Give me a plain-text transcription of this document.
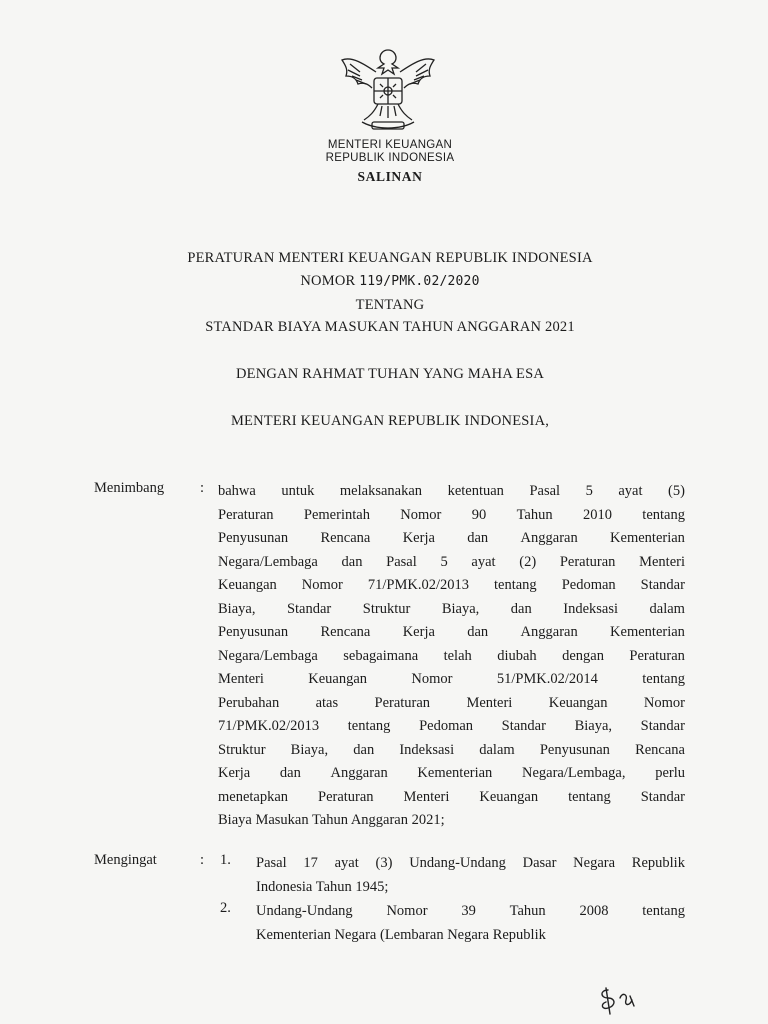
MENTERI KEUANGAN
REPUBLIK INDONESIA
SALINAN
PERATURAN MENTERI KEUANGAN REPUBLIK INDONESIA
NOMOR 119/PMK.02/2020
TENTANG
STANDAR BIAYA MASUKAN TAHUN ANGGARAN 2021
DENGAN RAHMAT TUHAN YANG MAHA ESA
MENTERI KEUANGAN REPUBLIK INDONESIA,
Menimbang : bahwa untuk melaksanakan ketentuan Pasal 5 ayat (5)
Peraturan Pemerintah Nomor 90 Tahun 2010 tentang
Penyusunan Rencana Kerja dan Anggaran Kementerian
Negara/Lembaga dan Pasal 5 ayat (2) Peraturan Menteri
Keuangan Nomor 71/PMK.02/2013 tentang Pedoman Standar
Biaya, Standar Struktur Biaya, dan Indeksasi dalam
Penyusunan Rencana Kerja dan Anggaran Kementerian
Negara/Lembaga sebagaimana telah diubah dengan Peraturan
Menteri	Keuangan	Nomor	51/PMK.02/2014	tentang
Perubahan	atas	Peraturan	Menteri	Keuangan	Nomor
71/PMK.02/2013 tentang Pedoman Standar Biaya, Standar
Struktur Biaya, dan Indeksasi dalam Penyusunan Rencana
Kerja dan Anggaran Kementerian Negara/Lembaga, perlu
menetapkan Peraturan Menteri Keuangan tentang Standar
Biaya Masukan Tahun Anggaran 2021;
Mengingat	: 1. Pasal 17 ayat (3) Undang-Undang Dasar Negara Republik
Indonesia Tahun 1945;
2. Undang-Undang Nomor 39 Tahun 2008 tentang
Kementerian Negara (Lembaran Negara Republik
